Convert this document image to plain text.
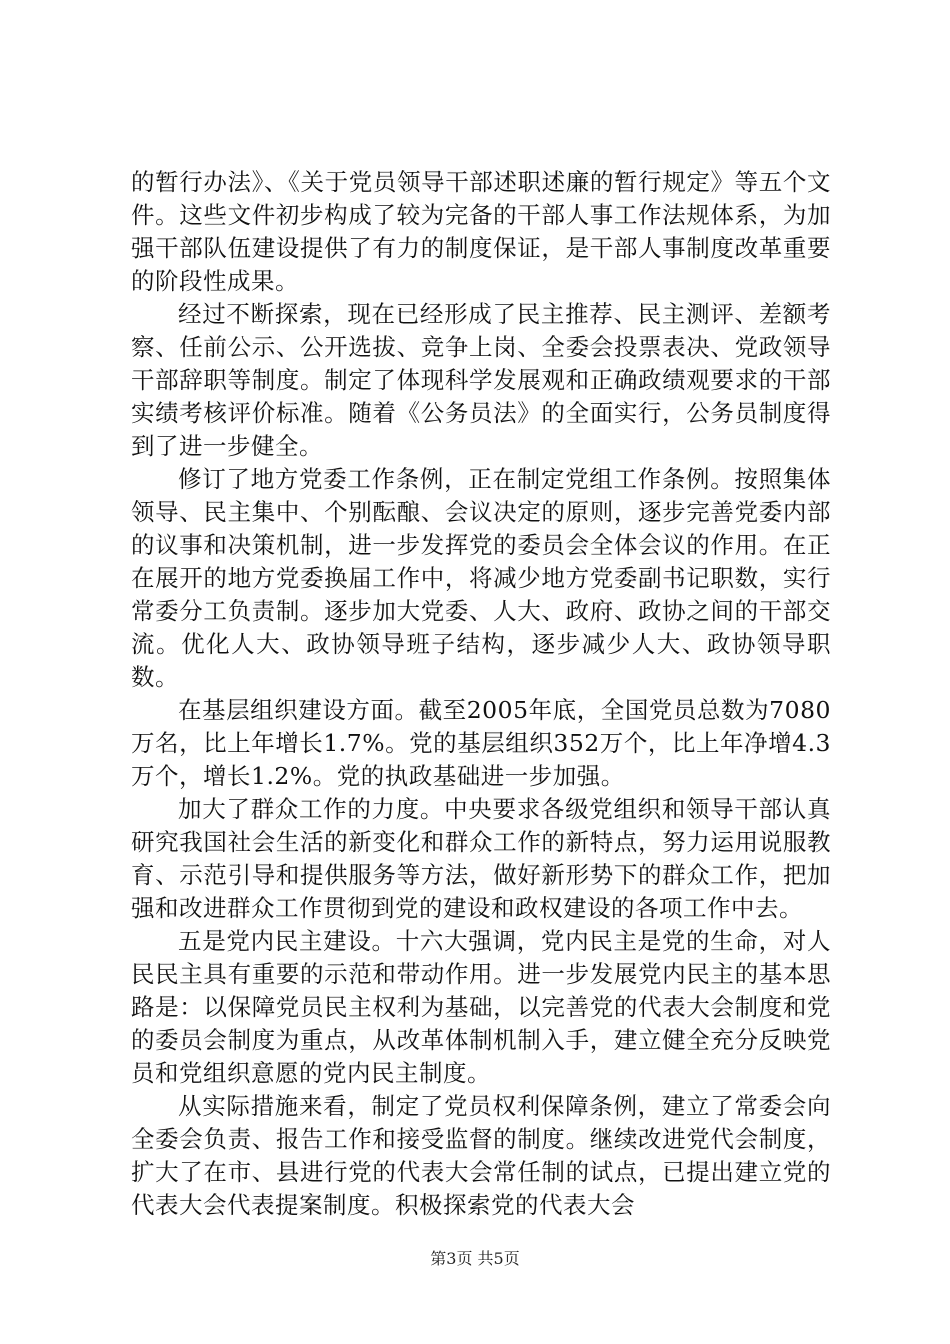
的暂行办法》、《关于党员领导干部述职述廉的暂行规定》等五个文件。这些文件初步构成了较为完备的干部人事工作法规体系，为加强干部队伍建设提供了有力的制度保证，是干部人事制度改革重要的阶段性成果。

经过不断探索，现在已经形成了民主推荐、民主测评、差额考察、任前公示、公开选拔、竞争上岗、全委会投票表决、党政领导干部辞职等制度。制定了体现科学发展观和正确政绩观要求的干部实绩考核评价标准。随着《公务员法》的全面实行，公务员制度得到了进一步健全。

修订了地方党委工作条例，正在制定党组工作条例。按照集体领导、民主集中、个别酝酿、会议决定的原则，逐步完善党委内部的议事和决策机制，进一步发挥党的委员会全体会议的作用。在正在展开的地方党委换届工作中，将减少地方党委副书记职数，实行常委分工负责制。逐步加大党委、人大、政府、政协之间的干部交流。优化人大、政协领导班子结构，逐步减少人大、政协领导职数。

在基层组织建设方面。截至2005年底，全国党员总数为7080万名，比上年增长1.7%。党的基层组织352万个，比上年净增4.3万个，增长1.2%。党的执政基础进一步加强。

加大了群众工作的力度。中央要求各级党组织和领导干部认真研究我国社会生活的新变化和群众工作的新特点，努力运用说服教育、示范引导和提供服务等方法，做好新形势下的群众工作，把加强和改进群众工作贯彻到党的建设和政权建设的各项工作中去。

五是党内民主建设。十六大强调，党内民主是党的生命，对人民民主具有重要的示范和带动作用。进一步发展党内民主的基本思路是：以保障党员民主权利为基础，以完善党的代表大会制度和党的委员会制度为重点，从改革体制机制入手，建立健全充分反映党员和党组织意愿的党内民主制度。

从实际措施来看，制定了党员权利保障条例，建立了常委会向全委会负责、报告工作和接受监督的制度。继续改进党代会制度，扩大了在市、县进行党的代表大会常任制的试点，已提出建立党的代表大会代表提案制度。积极探索党的代表大会

第3页 共5页
